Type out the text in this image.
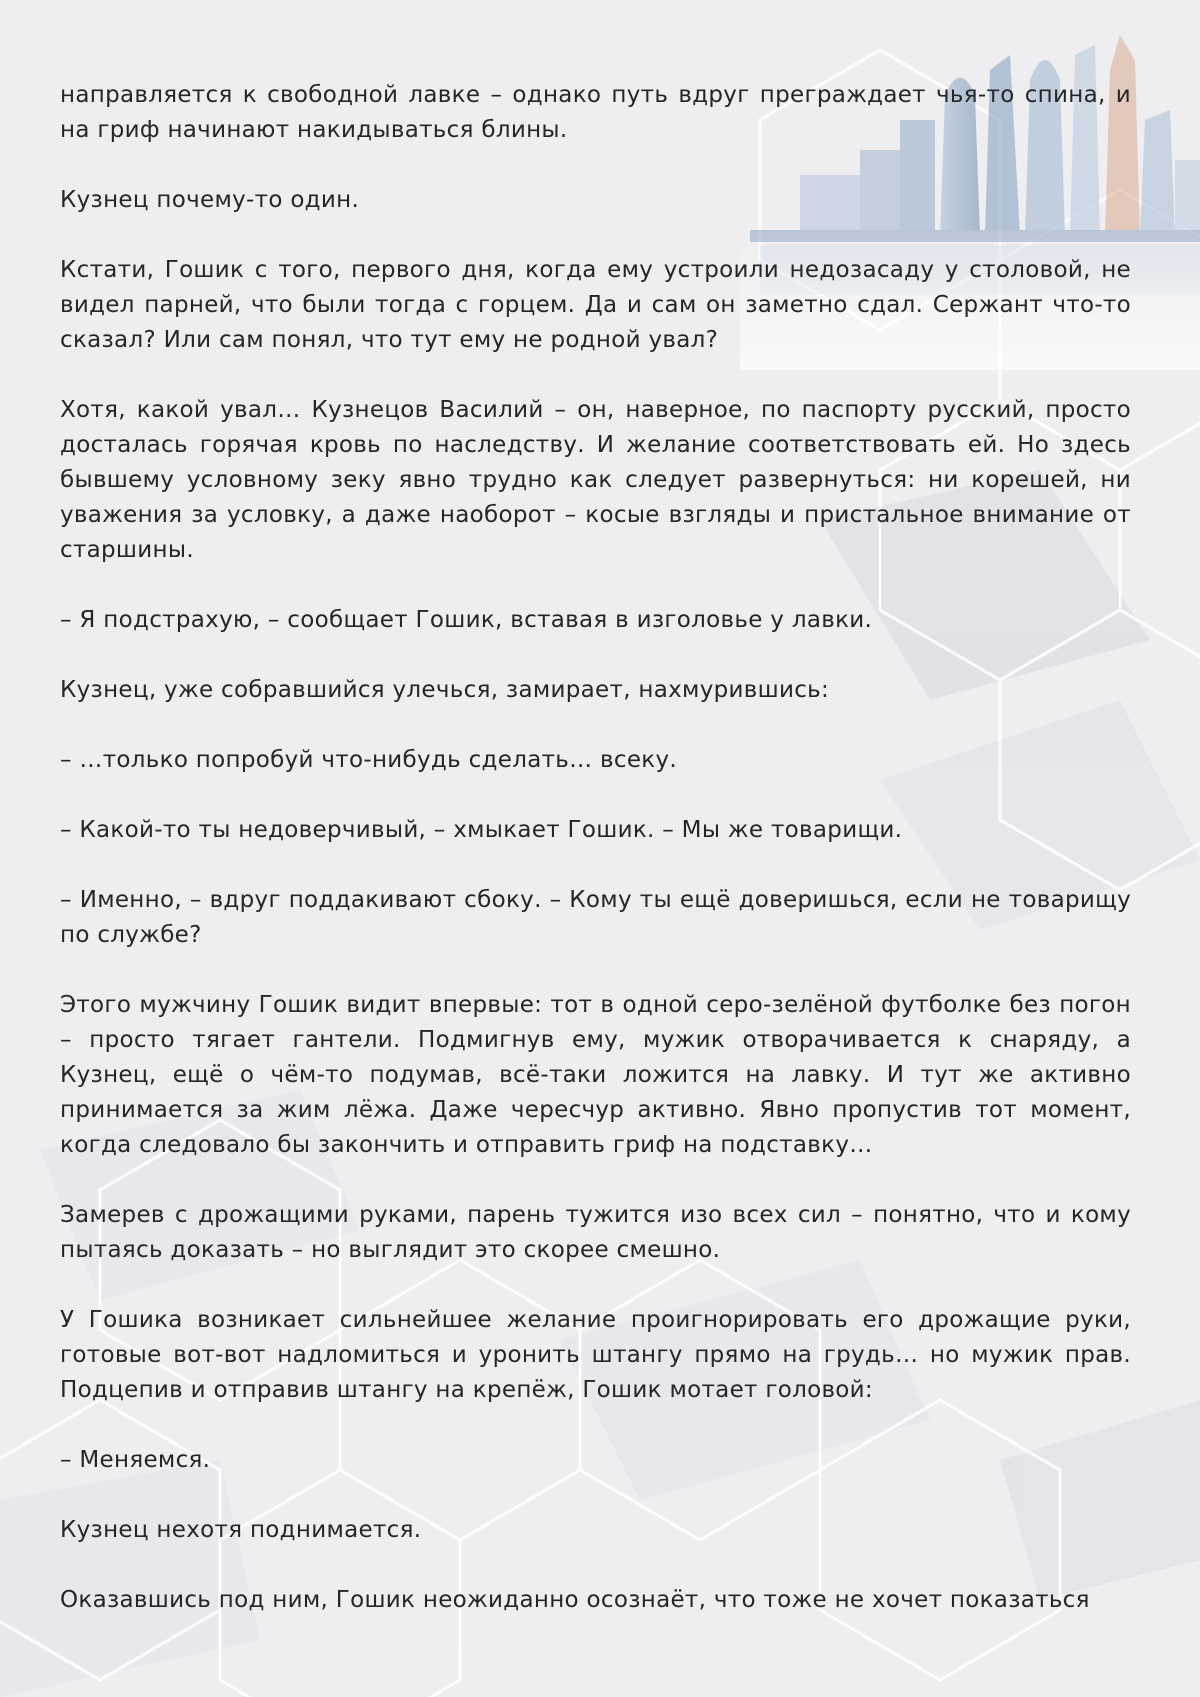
направляется к свободной лавке – однако путь вдруг преграждает чья-то спина, и на гриф начинают накидываться блины.

Кузнец почему-то один.

Кстати, Гошик с того, первого дня, когда ему устроили недозасаду у столовой, не видел парней, что были тогда с горцем. Да и сам он заметно сдал. Сержант что-то сказал? Или сам понял, что тут ему не родной увал?

Хотя, какой увал… Кузнецов Василий – он, наверное, по паспорту русский, просто досталась горячая кровь по наследству. И желание соответствовать ей. Но здесь бывшему условному зеку явно трудно как следует развернуться: ни корешей, ни уважения за условку, а даже наоборот – косые взгляды и пристальное внимание от старшины.

– Я подстрахую, – сообщает Гошик, вставая в изголовье у лавки.

Кузнец, уже собравшийся улечься, замирает, нахмурившись:

– …только попробуй что-нибудь сделать… всеку.

– Какой-то ты недоверчивый, – хмыкает Гошик. – Мы же товарищи.

– Именно, – вдруг поддакивают сбоку. – Кому ты ещё доверишься, если не товарищу по службе?

Этого мужчину Гошик видит впервые: тот в одной серо-зелёной футболке без погон – просто тягает гантели. Подмигнув ему, мужик отворачивается к снаряду, а Кузнец, ещё о чём-то подумав, всё-таки ложится на лавку. И тут же активно принимается за жим лёжа. Даже чересчур активно. Явно пропустив тот момент, когда следовало бы закончить и отправить гриф на подставку…

Замерев с дрожащими руками, парень тужится изо всех сил – понятно, что и кому пытаясь доказать – но выглядит это скорее смешно.

У Гошика возникает сильнейшее желание проигнорировать его дрожащие руки, готовые вот-вот надломиться и уронить штангу прямо на грудь… но мужик прав. Подцепив и отправив штангу на крепёж, Гошик мотает головой:

– Меняемся.

Кузнец нехотя поднимается.

Оказавшись под ним, Гошик неожиданно осознаёт, что тоже не хочет показаться
